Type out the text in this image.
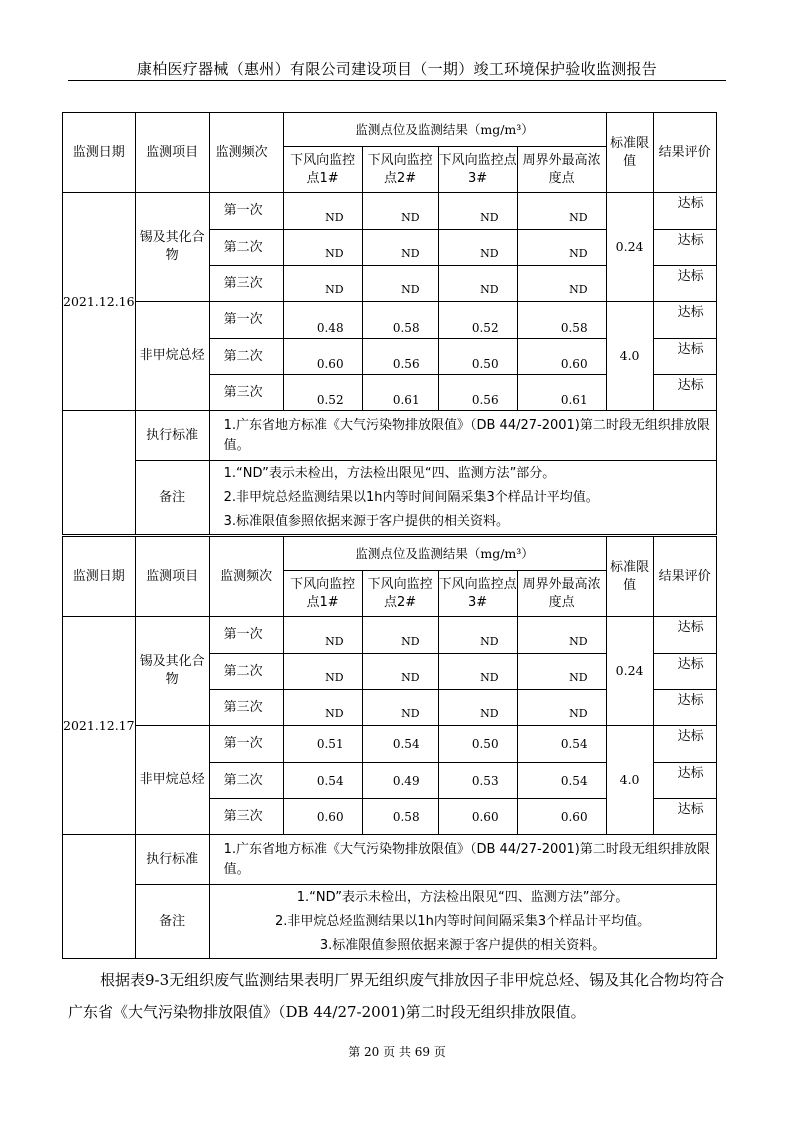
康柏医疗器械（惠州）有限公司建设项目（一期）竣工环境保护验收监测报告
监测日期	监测项目	监测频次	监测点位及监测结果（mg/m³）				标准限值	结果评价
			下风向监控 点1#	下风向监控 点2#	下风向监控点3#	周界外最高浓度点		
2021.12.16	锡及其化合物	第一次	ND	ND	ND	ND	0.24	达标
		第二次	ND	ND	ND	ND		达标
		第三次	ND	ND	ND	ND		达标
	非甲烷总烃	第一次	0.48	0.58	0.52	0.58	4.0	达标
		第二次	0.60	0.56	0.50	0.60		达标
		第三次	0.52	0.61	0.56	0.61		达标
	执行标准	1.广东省地方标准《大气污染物排放限值》（DB 44/27-2001)第二时段无组织排放限值。						
	备注	1.“ND”表示未检出，方法检出限见“四、监测方法”部分。
2.非甲烷总烃监测结果以1h内等时间间隔采集3个样品计平均值。
3.标准限值参照依据来源于客户提供的相关资料。						
监测日期	监测项目	监测频次	监测点位及监测结果（mg/m³）				标准限值	结果评价
			下风向监控 点1#	下风向监控 点2#	下风向监控点3#	周界外最高浓度点		
2021.12.17	锡及其化合物	第一次	ND	ND	ND	ND	0.24	达标
		第二次	ND	ND	ND	ND		达标
		第三次	ND	ND	ND	ND		达标
	非甲烷总烃	第一次	0.51	0.54	0.50	0.54	4.0	达标
		第二次	0.54	0.49	0.53	0.54		达标
		第三次	0.60	0.58	0.60	0.60		达标
	执行标准	1.广东省地方标准《大气污染物排放限值》（DB 44/27-2001)第二时段无组织排放限值。						
	备注	1.“ND”表示未检出，方法检出限见“四、监测方法”部分。
2.非甲烷总烃监测结果以1h内等时间间隔采集3个样品计平均值。
3.标准限值参照依据来源于客户提供的相关资料。						
根据表9-3无组织废气监测结果表明厂界无组织废气排放因子非甲烷总烃、锡及其化合物均符合广东省《大气污染物排放限值》（DB 44/27-2001)第二时段无组织排放限值。
第 20 页 共 69 页
